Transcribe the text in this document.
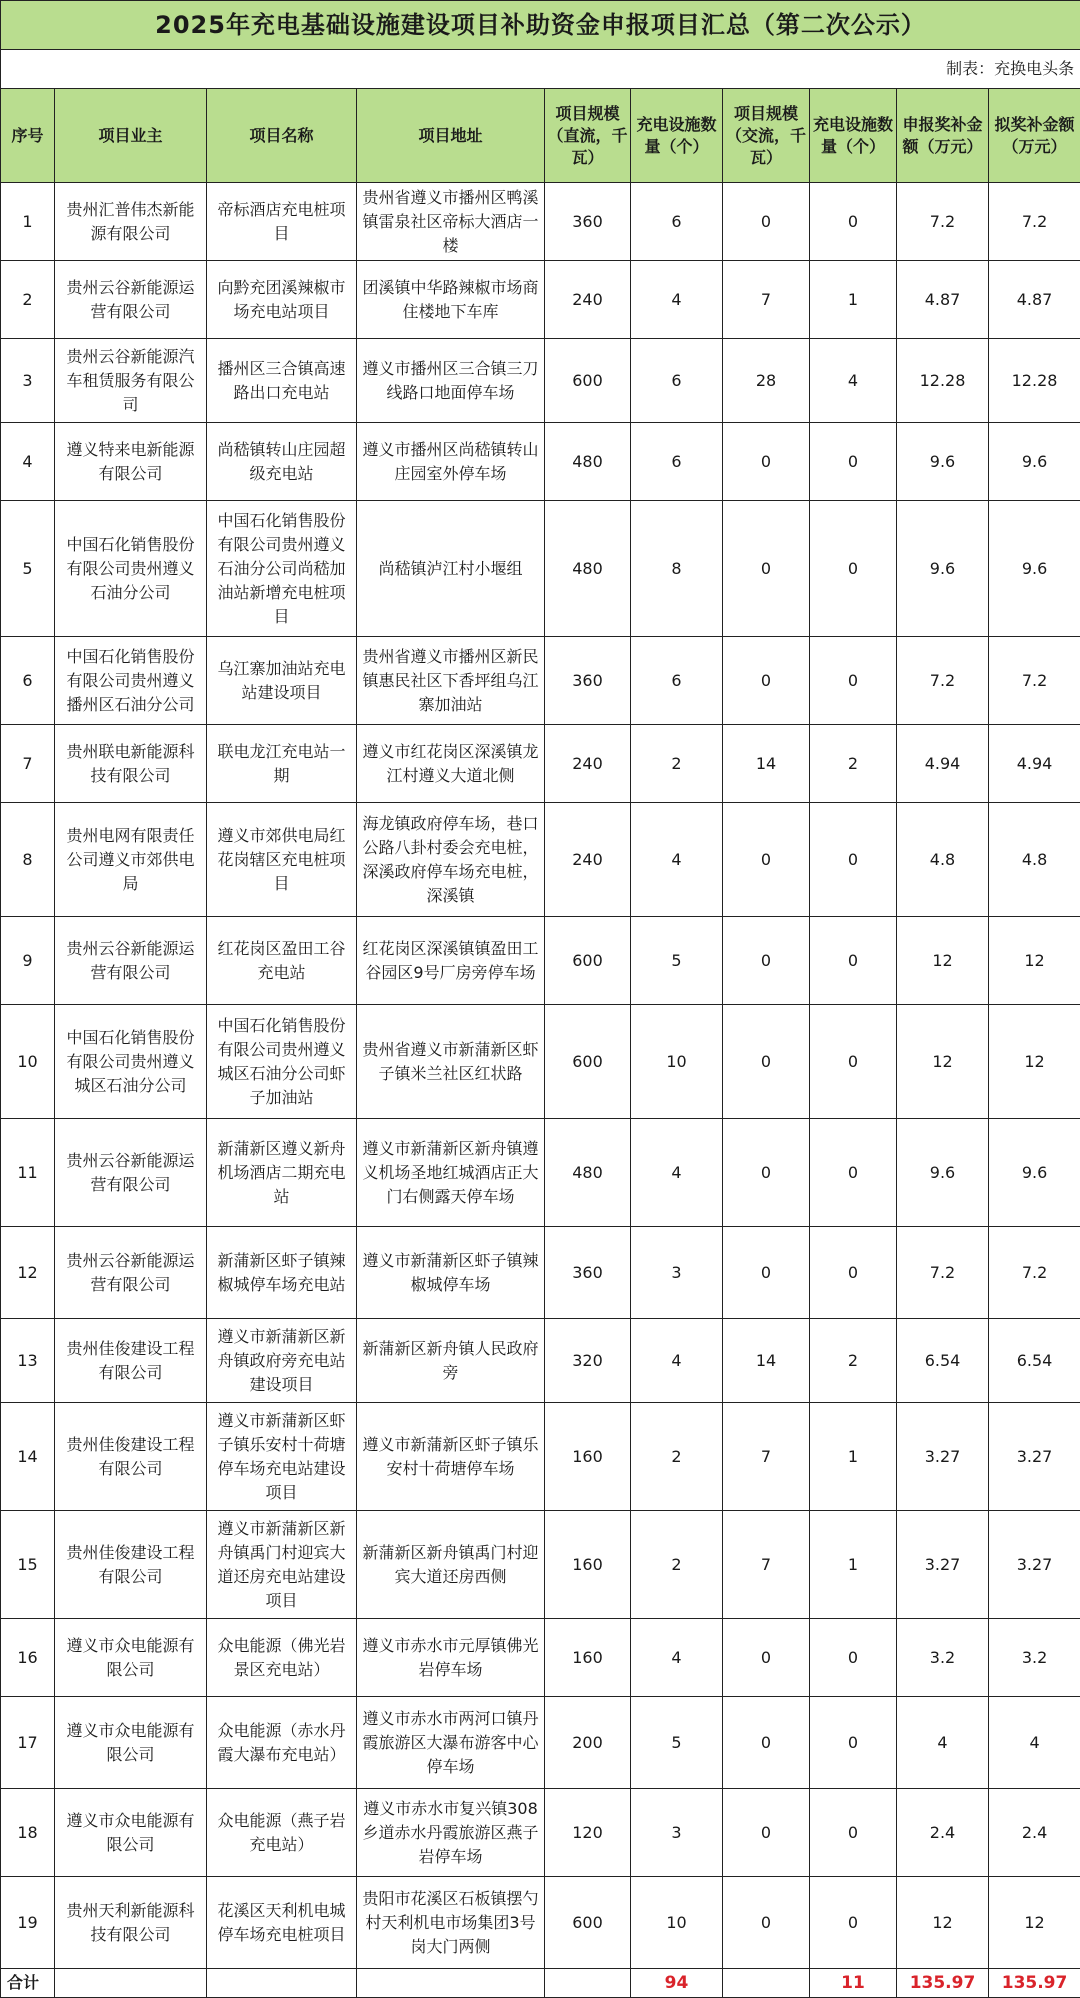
2025年充电基础设施建设项目补助资金申报项目汇总（第二次公示）									
制表：充换电头条									
序号	项目业主	项目名称	项目地址	项目规模（直流，千瓦）	充电设施数量（个）	项目规模（交流，千瓦）	充电设施数量（个）	申报奖补金额（万元）	拟奖补金额（万元）
1	贵州汇普伟杰新能源有限公司	帝标酒店充电桩项目	贵州省遵义市播州区鸭溪镇雷泉社区帝标大酒店一楼	360	6	0	0	7.2	7.2
2	贵州云谷新能源运营有限公司	向黔充团溪辣椒市场充电站项目	团溪镇中华路辣椒市场商住楼地下车库	240	4	7	1	4.87	4.87
3	贵州云谷新能源汽车租赁服务有限公司	播州区三合镇高速路出口充电站	遵义市播州区三合镇三刀线路口地面停车场	600	6	28	4	12.28	12.28
4	遵义特来电新能源有限公司	尚嵇镇转山庄园超级充电站	遵义市播州区尚嵇镇转山庄园室外停车场	480	6	0	0	9.6	9.6
5	中国石化销售股份有限公司贵州遵义石油分公司	中国石化销售股份有限公司贵州遵义石油分公司尚嵇加油站新增充电桩项目	尚嵇镇泸江村小堰组	480	8	0	0	9.6	9.6
6	中国石化销售股份有限公司贵州遵义播州区石油分公司	乌江寨加油站充电站建设项目	贵州省遵义市播州区新民镇惠民社区下香坪组乌江寨加油站	360	6	0	0	7.2	7.2
7	贵州联电新能源科技有限公司	联电龙江充电站一期	遵义市红花岗区深溪镇龙江村遵义大道北侧	240	2	14	2	4.94	4.94
8	贵州电网有限责任公司遵义市郊供电局	遵义市郊供电局红花岗辖区充电桩项目	海龙镇政府停车场，巷口公路八卦村委会充电桩，深溪政府停车场充电桩，深溪镇	240	4	0	0	4.8	4.8
9	贵州云谷新能源运营有限公司	红花岗区盈田工谷充电站	红花岗区深溪镇镇盈田工谷园区9号厂房旁停车场	600	5	0	0	12	12
10	中国石化销售股份有限公司贵州遵义城区石油分公司	中国石化销售股份有限公司贵州遵义城区石油分公司虾子加油站	贵州省遵义市新蒲新区虾子镇米兰社区红状路	600	10	0	0	12	12
11	贵州云谷新能源运营有限公司	新蒲新区遵义新舟机场酒店二期充电站	遵义市新蒲新区新舟镇遵义机场圣地红城酒店正大门右侧露天停车场	480	4	0	0	9.6	9.6
12	贵州云谷新能源运营有限公司	新蒲新区虾子镇辣椒城停车场充电站	遵义市新蒲新区虾子镇辣椒城停车场	360	3	0	0	7.2	7.2
13	贵州佳俊建设工程有限公司	遵义市新蒲新区新舟镇政府旁充电站建设项目	新蒲新区新舟镇人民政府旁	320	4	14	2	6.54	6.54
14	贵州佳俊建设工程有限公司	遵义市新蒲新区虾子镇乐安村十荷塘停车场充电站建设项目	遵义市新蒲新区虾子镇乐安村十荷塘停车场	160	2	7	1	3.27	3.27
15	贵州佳俊建设工程有限公司	遵义市新蒲新区新舟镇禹门村迎宾大道还房充电站建设项目	新蒲新区新舟镇禹门村迎宾大道还房西侧	160	2	7	1	3.27	3.27
16	遵义市众电能源有限公司	众电能源（佛光岩景区充电站）	遵义市赤水市元厚镇佛光岩停车场	160	4	0	0	3.2	3.2
17	遵义市众电能源有限公司	众电能源（赤水丹霞大瀑布充电站）	遵义市赤水市两河口镇丹霞旅游区大瀑布游客中心停车场	200	5	0	0	4	4
18	遵义市众电能源有限公司	众电能源（燕子岩充电站）	遵义市赤水市复兴镇308乡道赤水丹霞旅游区燕子岩停车场	120	3	0	0	2.4	2.4
19	贵州天利新能源科技有限公司	花溪区天利机电城停车场充电桩项目	贵阳市花溪区石板镇摆勺村天利机电市场集团3号岗大门两侧	600	10	0	0	12	12
合计					94		11	135.97	135.97
